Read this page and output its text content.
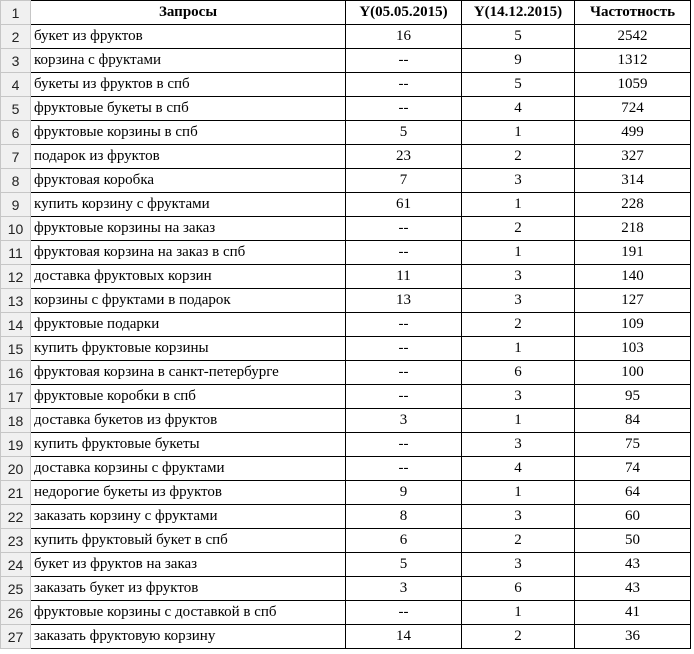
1	Запросы	Y(05.05.2015)	Y(14.12.2015)	Частотность
2	букет из фруктов	16	5	2542
3	корзина с фруктами	--	9	1312
4	букеты из фруктов в спб	--	5	1059
5	фруктовые букеты в спб	--	4	724
6	фруктовые корзины в спб	5	1	499
7	подарок из фруктов	23	2	327
8	фруктовая коробка	7	3	314
9	купить корзину с фруктами	61	1	228
10	фруктовые корзины на заказ	--	2	218
11	фруктовая корзина на заказ в спб	--	1	191
12	доставка фруктовых корзин	11	3	140
13	корзины с фруктами в подарок	13	3	127
14	фруктовые подарки	--	2	109
15	купить фруктовые корзины	--	1	103
16	фруктовая корзина в санкт-петербурге	--	6	100
17	фруктовые коробки в спб	--	3	95
18	доставка букетов из фруктов	3	1	84
19	купить фруктовые букеты	--	3	75
20	доставка корзины с фруктами	--	4	74
21	недорогие букеты из фруктов	9	1	64
22	заказать корзину с фруктами	8	3	60
23	купить фруктовый букет в спб	6	2	50
24	букет из фруктов на заказ	5	3	43
25	заказать букет из фруктов	3	6	43
26	фруктовые корзины с доставкой в спб	--	1	41
27	заказать фруктовую корзину	14	2	36
